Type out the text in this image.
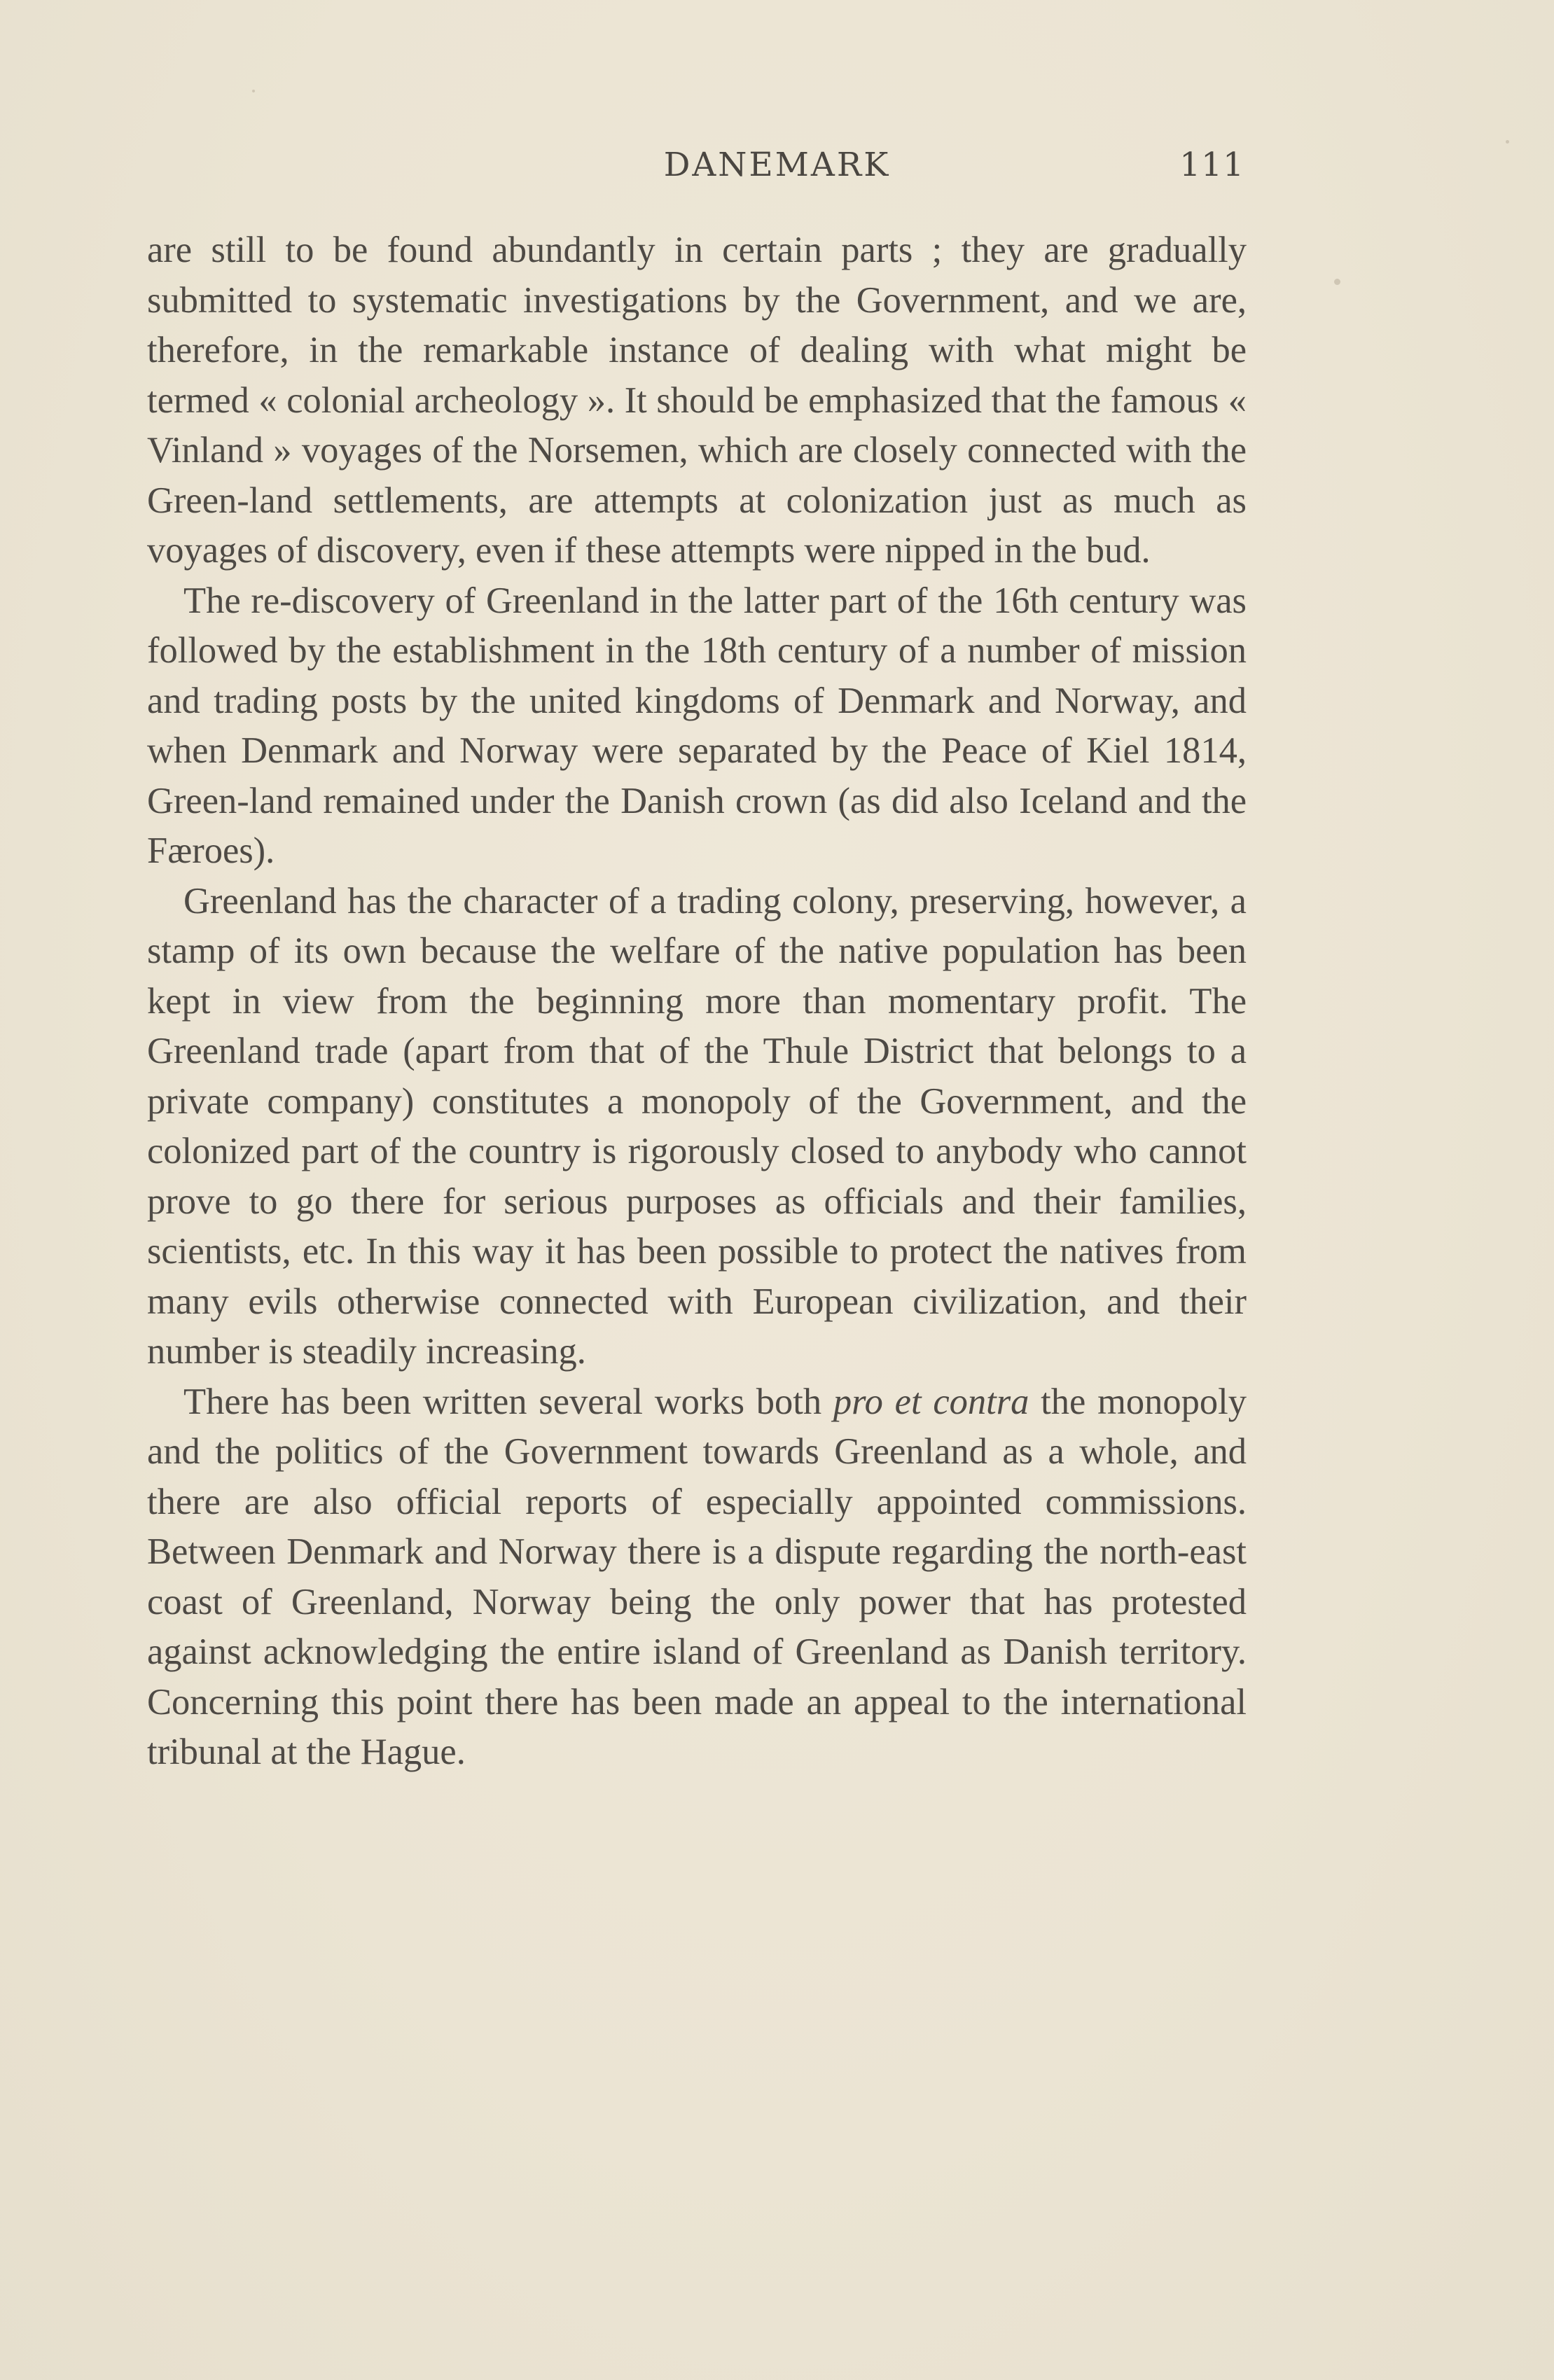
DANEMARK	111

are still to be found abundantly in certain parts ; they are gradually submitted to systematic investigations by the Government, and we are, therefore, in the remarkable instance of dealing with what might be termed « colonial archeology ». It should be emphasized that the famous « Vinland » voyages of the Norsemen, which are closely connected with the Green-land settlements, are attempts at colonization just as much as voyages of discovery, even if these attempts were nipped in the bud.

The re-discovery of Greenland in the latter part of the 16th century was followed by the establishment in the 18th century of a number of mission and trading posts by the united kingdoms of Denmark and Norway, and when Denmark and Norway were separated by the Peace of Kiel 1814, Green-land remained under the Danish crown (as did also Iceland and the Færoes).

Greenland has the character of a trading colony, preserving, however, a stamp of its own because the welfare of the native population has been kept in view from the beginning more than momentary profit. The Greenland trade (apart from that of the Thule District that belongs to a private company) constitutes a monopoly of the Government, and the colonized part of the country is rigorously closed to anybody who cannot prove to go there for serious purposes as officials and their families, scientists, etc. In this way it has been possible to protect the natives from many evils otherwise connected with European civilization, and their number is steadily increasing.

There has been written several works both pro et contra the monopoly and the politics of the Government towards Greenland as a whole, and there are also official reports of especially appointed commissions. Between Denmark and Norway there is a dispute regarding the north-east coast of Greenland, Norway being the only power that has protested against acknowledging the entire island of Greenland as Danish territory. Concerning this point there has been made an appeal to the international tribunal at the Hague.
